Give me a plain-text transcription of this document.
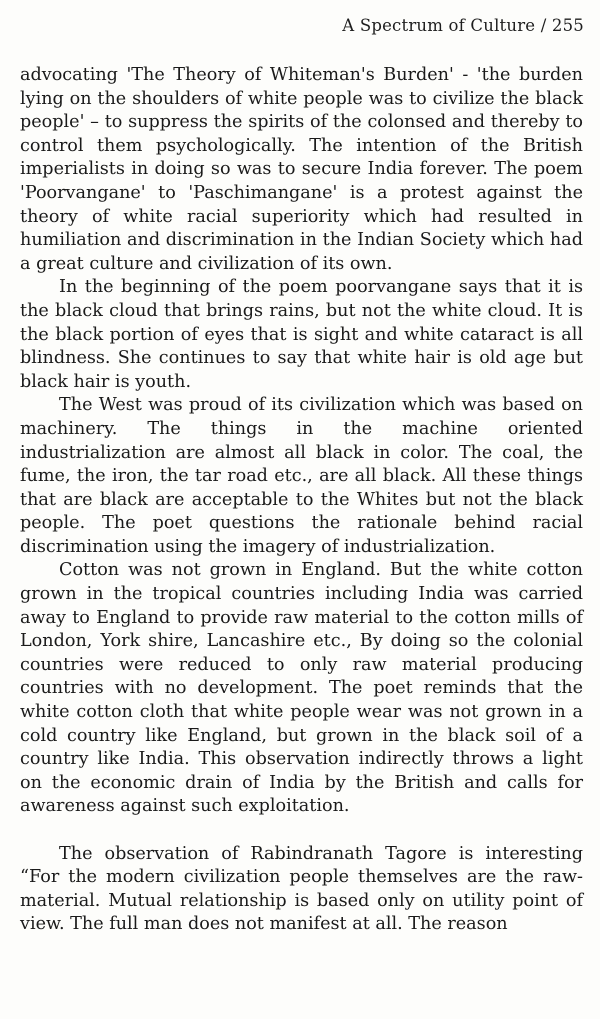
A Spectrum of Culture / 255

advocating 'The Theory of Whiteman's Burden' - 'the burden lying on the shoulders of white people was to civilize the black people' – to suppress the spirits of the colonsed and thereby to control them psychologically. The intention of the British imperialists in doing so was to secure India forever. The poem 'Poorvangane' to 'Paschimangane' is a protest against the theory of white racial superiority which had resulted in humiliation and discrimination in the Indian Society which had a great culture and civilization of its own.

In the beginning of the poem poorvangane says that it is the black cloud that brings rains, but not the white cloud. It is the black portion of eyes that is sight and white cataract is all blindness. She continues to say that white hair is old age but black hair is youth.

The West was proud of its civilization which was based on machinery. The things in the machine oriented industrialization are almost all black in color. The coal, the fume, the iron, the tar road etc., are all black. All these things that are black are acceptable to the Whites but not the black people. The poet questions the rationale behind racial discrimination using the imagery of industrialization.

Cotton was not grown in England. But the white cotton grown in the tropical countries including India was carried away to England to provide raw material to the cotton mills of London, York shire, Lancashire etc., By doing so the colonial countries were reduced to only raw material producing countries with no development. The poet reminds that the white cotton cloth that white people wear was not grown in a cold country like England, but grown in the black soil of a country like India. This observation indirectly throws a light on the economic drain of India by the British and calls for awareness against such exploitation.

The observation of Rabindranath Tagore is interesting “For the modern civilization people themselves are the raw-material. Mutual relationship is based only on utility point of view. The full man does not manifest at all. The reason
